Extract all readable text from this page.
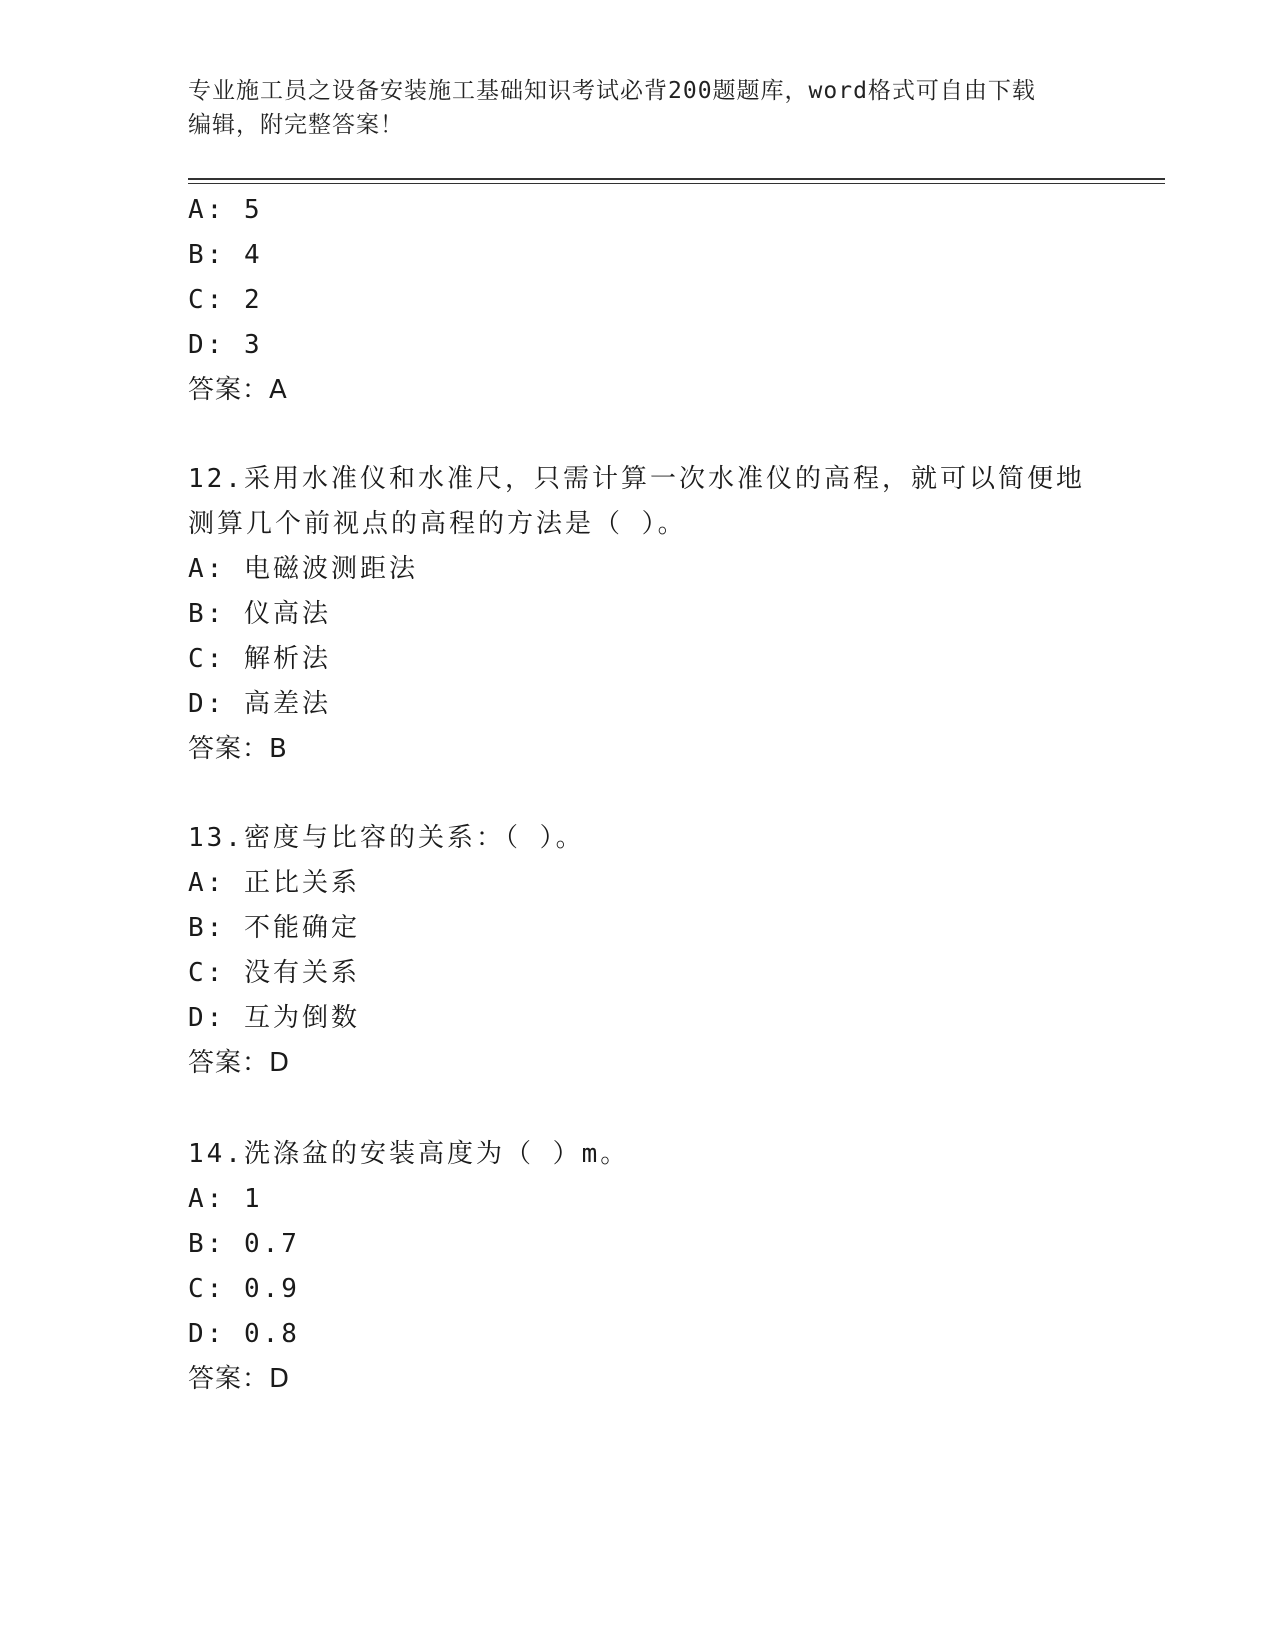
专业施工员之设备安装施工基础知识考试必背200题题库，word格式可自由下载
编辑，附完整答案！
A: 5
B: 4
C: 2
D: 3
答案：A
12.采用水准仪和水准尺，只需计算一次水准仪的高程，就可以简便地
测算几个前视点的高程的方法是（ ）。
A: 电磁波测距法
B: 仪高法
C: 解析法
D: 高差法
答案：B
13.密度与比容的关系：（ ）。
A: 正比关系
B: 不能确定
C: 没有关系
D: 互为倒数
答案：D
14.洗涤盆的安装高度为（ ）m。
A: 1
B: 0.7
C: 0.9
D: 0.8
答案：D
